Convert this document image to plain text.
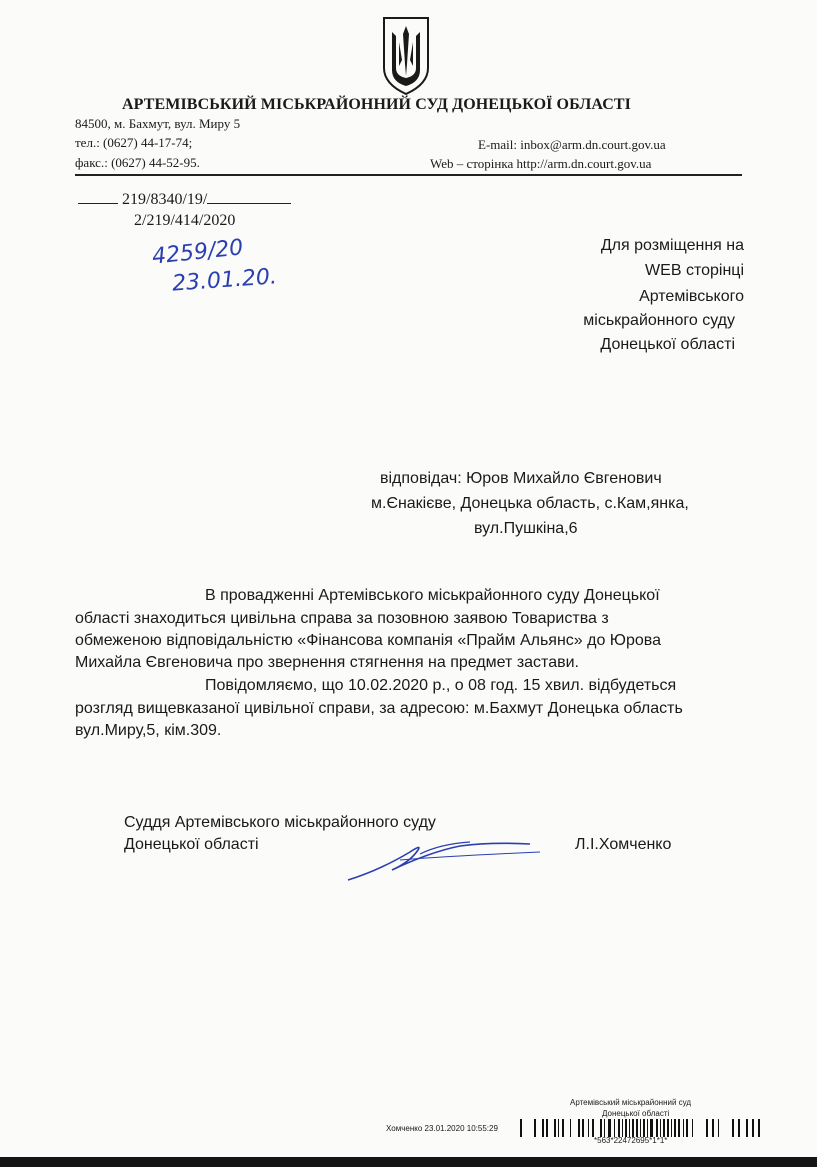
АРТЕМІВСЬКИЙ МІСЬКРАЙОННИЙ СУД ДОНЕЦЬКОЇ ОБЛАСТІ
84500, м. Бахмут, вул. Миру 5
тел.: (0627) 44-17-74;
факс.: (0627) 44-52-95.
E-mail: inbox@arm.dn.court.gov.ua
Web – сторінка http://arm.dn.court.gov.ua
219/8340/19/
2/219/414/2020
4259/20
23.01.20.
Для розміщення на
WEB сторінці
Артемівського
міськрайонного суду
Донецької області
відповідач: Юров Михайло Євгенович
м.Єнакієве, Донецька область, с.Кам,янка,
вул.Пушкіна,6
В провадженні Артемівського міськрайонного суду Донецької
області знаходиться цивільна справа за позовною заявою Товариства з
обмеженою відповідальністю «Фінансова компанія «Прайм Альянс» до Юрова
Михайла Євгеновича про звернення стягнення на предмет застави.
Повідомляємо, що 10.02.2020 р., о 08 год. 15 хвил. відбудеться
розгляд вищевказаної цивільної справи, за адресою: м.Бахмут Донецька область
вул.Миру,5, кім.309.
Суддя Артемівського міськрайонного суду
Донецької області	Л.І.Хомченко
Артемівський міськрайонний суд
Донецької області
Хомченко 23.01.2020 10:55:29
*563*22472695*1*1*
